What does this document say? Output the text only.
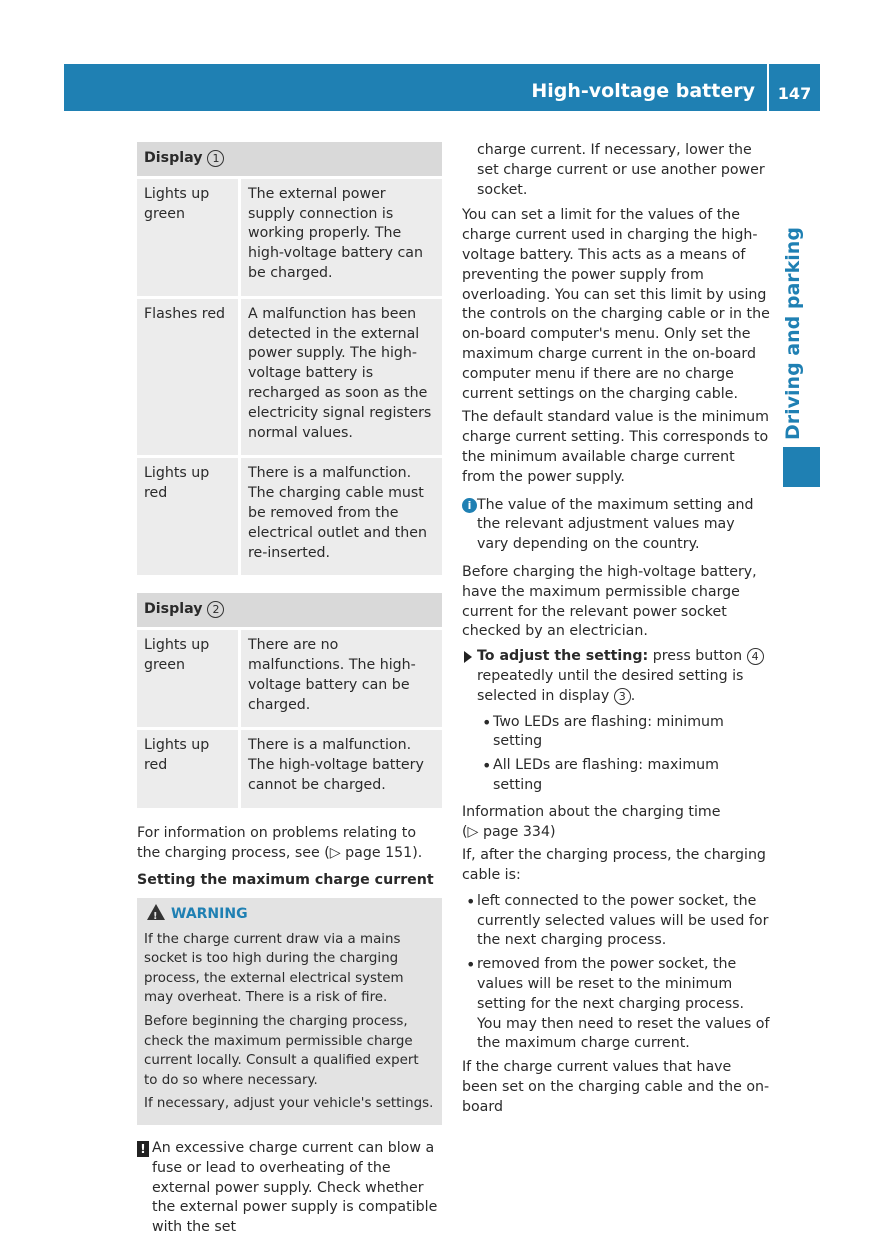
High-voltage battery	147
Driving and parking
Display 1	
Lights up green	The external power supply connection is working properly. The high-voltage battery can be charged.
Flashes red	A malfunction has been detected in the external power supply. The high-voltage battery is recharged as soon as the electricity signal registers normal values.
Lights up red	There is a malfunction. The charging cable must be removed from the electrical outlet and then re-inserted.
Display 2	
Lights up green	There are no malfunctions. The high-voltage battery can be charged.
Lights up red	There is a malfunction. The high-voltage battery cannot be charged.

For information on problems relating to the charging process, see (▷ page 151).

Setting the maximum charge current

!WARNING

If the charge current draw via a mains socket is too high during the charging process, the external electrical system may overheat. There is a risk of fire.

Before beginning the charging process, check the maximum permissible charge current locally. Consult a qualified expert to do so where necessary.

If necessary, adjust your vehicle's settings.

! An excessive charge current can blow a fuse or lead to overheating of the external power supply. Check whether the external power supply is compatible with the set

charge current. If necessary, lower the set charge current or use another power socket.

You can set a limit for the values of the charge current used in charging the high-voltage battery. This acts as a means of preventing the power supply from overloading. You can set this limit by using the controls on the charging cable or in the on-board computer's menu. Only set the maximum charge current in the on-board computer menu if there are no charge current settings on the charging cable.

The default standard value is the minimum charge current setting. This corresponds to the minimum available charge current from the power supply.

i The value of the maximum setting and the relevant adjustment values may vary depending on the country.

Before charging the high-voltage battery, have the maximum permissible charge current for the relevant power socket checked by an electrician.

To adjust the setting: press button 4 repeatedly until the desired setting is selected in display 3 .

• Two LEDs are flashing: minimum setting

• All LEDs are flashing: maximum setting

Information about the charging time

(▷ page 334)

If, after the charging process, the charging cable is:

• left connected to the power socket, the currently selected values will be used for the next charging process.

• removed from the power socket, the values will be reset to the minimum setting for the next charging process. You may then need to reset the values of the maximum charge current.

If the charge current values that have been set on the charging cable and the on-board
